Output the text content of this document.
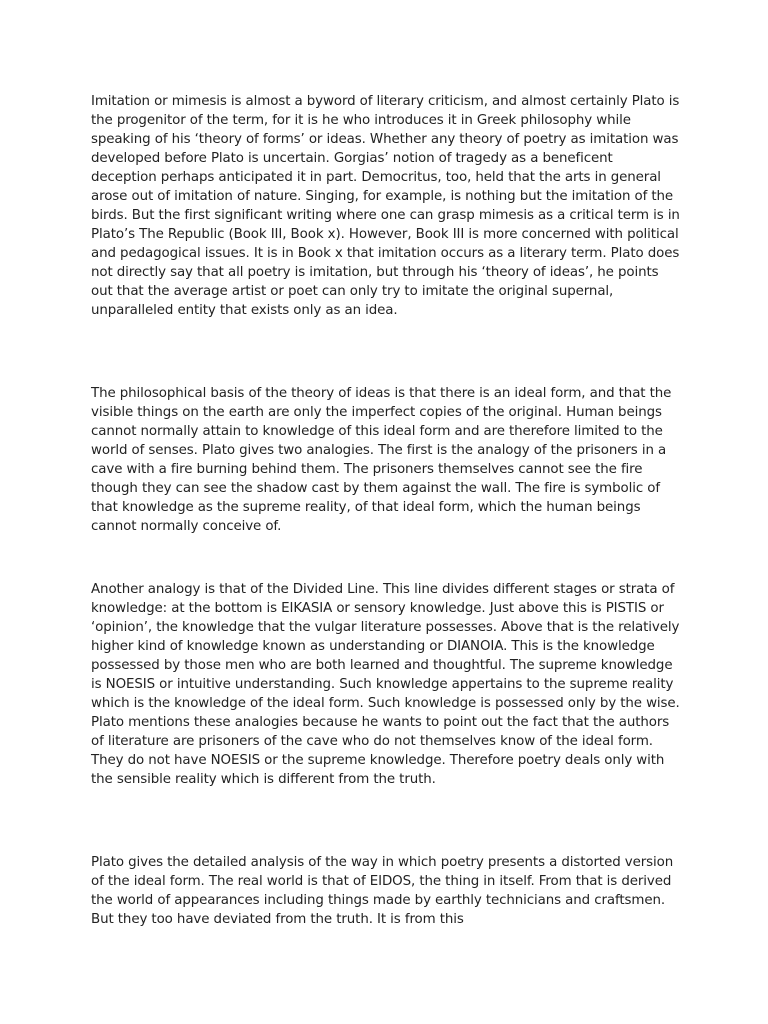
Imitation or mimesis is almost a byword of literary criticism, and almost certainly Plato is the progenitor of the term, for it is he who introduces it in Greek philosophy while speaking of his ‘theory of forms’ or ideas. Whether any theory of poetry as imitation was developed before Plato is uncertain. Gorgias’ notion of tragedy as a beneficent deception perhaps anticipated it in part. Democritus, too, held that the arts in general arose out of imitation of nature. Singing, for example, is nothing but the imitation of the birds. But the first significant writing where one can grasp mimesis as a critical term is in Plato’s The Republic (Book III, Book x). However, Book III is more concerned with political and pedagogical issues. It is in Book x that imitation occurs as a literary term. Plato does not directly say that all poetry is imitation, but through his ‘theory of ideas’, he points out that the average artist or poet can only try to imitate the original supernal, unparalleled entity that exists only as an idea.

The philosophical basis of the theory of ideas is that there is an ideal form, and that the visible things on the earth are only the imperfect copies of the original. Human beings cannot normally attain to knowledge of this ideal form and are therefore limited to the world of senses. Plato gives two analogies. The first is the analogy of the prisoners in a cave with a fire burning behind them. The prisoners themselves cannot see the fire though they can see the shadow cast by them against the wall. The fire is symbolic of that knowledge as the supreme reality, of that ideal form, which the human beings cannot normally conceive of.

Another analogy is that of the Divided Line. This line divides different stages or strata of knowledge: at the bottom is EIKASIA or sensory knowledge. Just above this is PISTIS or ‘opinion’, the knowledge that the vulgar literature possesses. Above that is the relatively higher kind of knowledge known as understanding or DIANOIA. This is the knowledge possessed by those men who are both learned and thoughtful. The supreme knowledge is NOESIS or intuitive understanding. Such knowledge appertains to the supreme reality which is the knowledge of the ideal form. Such knowledge is possessed only by the wise. Plato mentions these analogies because he wants to point out the fact that the authors of literature are prisoners of the cave who do not themselves know of the ideal form. They do not have NOESIS or the supreme knowledge. Therefore poetry deals only with the sensible reality which is different from the truth.

Plato gives the detailed analysis of the way in which poetry presents a distorted version of the ideal form. The real world is that of EIDOS, the thing in itself. From that is derived the world of appearances including things made by earthly technicians and craftsmen. But they too have deviated from the truth. It is from this
